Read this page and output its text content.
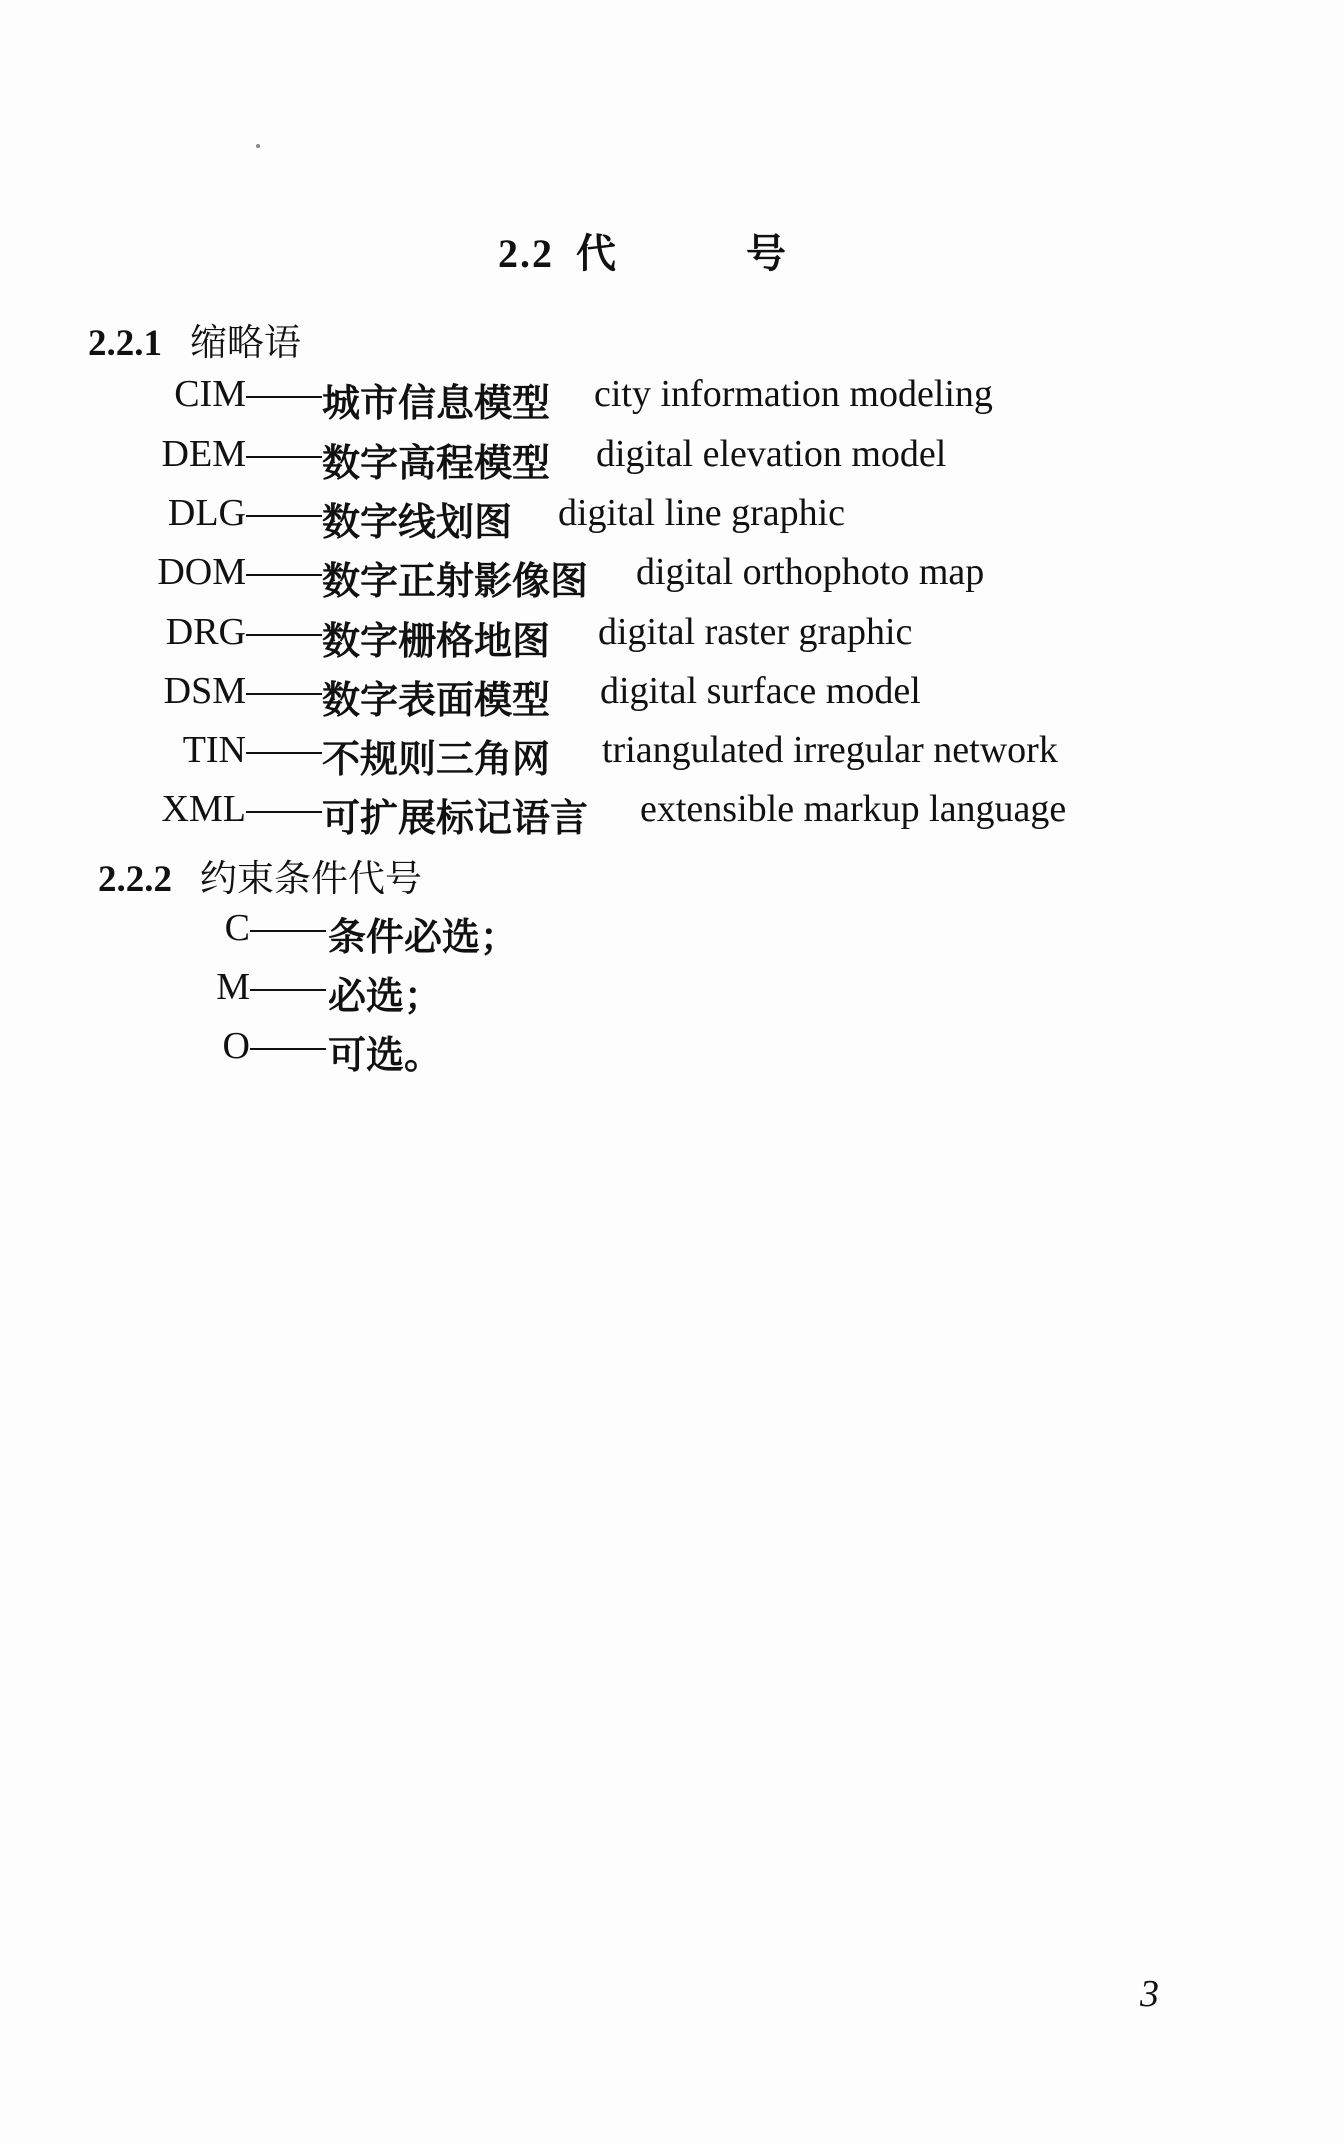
2.2 代 号
2.2.1 缩略语
CIM 城市信息模型 city information modeling
DEM 数字高程模型 digital elevation model
DLG 数字线划图 digital line graphic
DOM 数字正射影像图 digital orthophoto map
DRG 数字栅格地图 digital raster graphic
DSM 数字表面模型 digital surface model
TIN 不规则三角网 triangulated irregular network
XML 可扩展标记语言 extensible markup language
2.2.2 约束条件代号
C 条件必选；
M 必选；
O 可选。
3
